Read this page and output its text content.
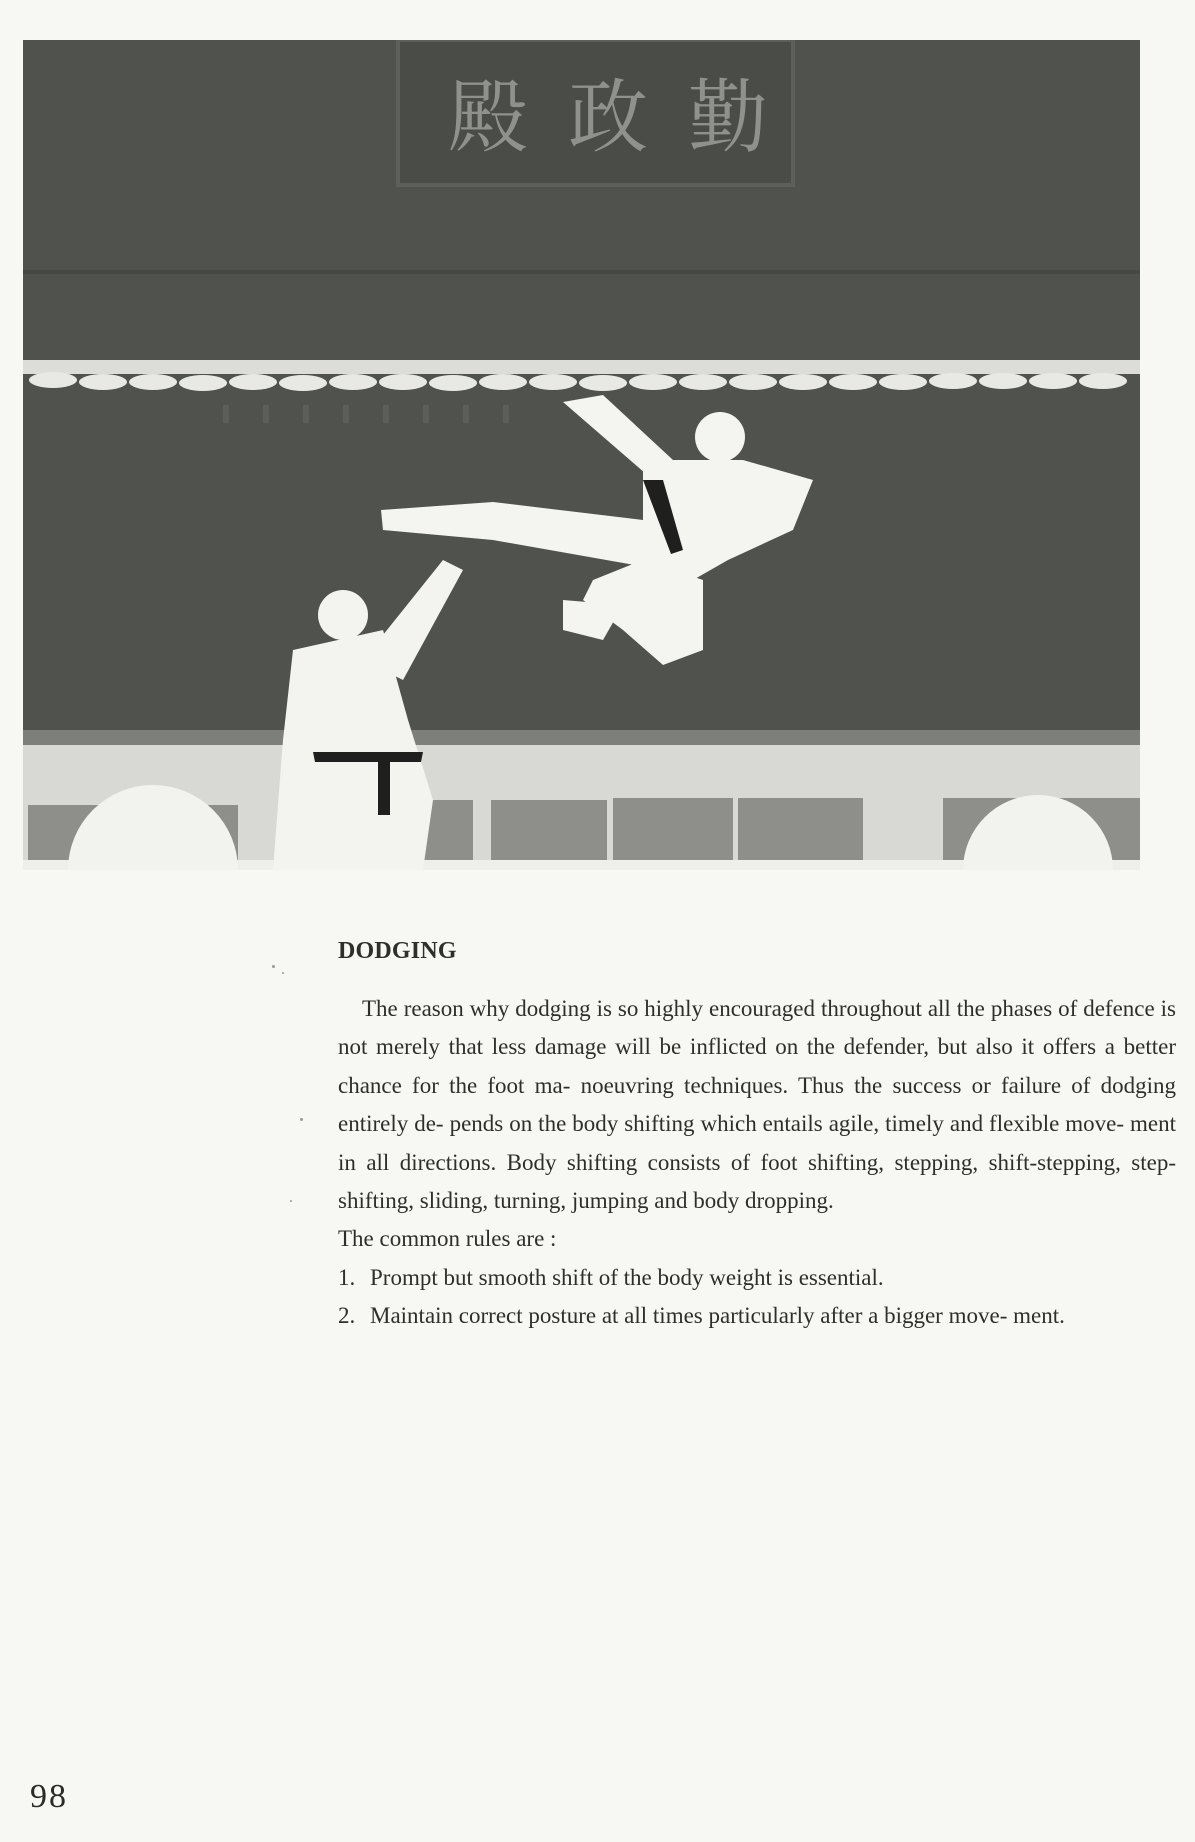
殿 政 勤
DODGING

The reason why dodging is so highly encouraged throughout all the phases of defence is not merely that less damage will be inflicted on the defender, but also it offers a better chance for the foot ma- noeuvring techniques. Thus the success or failure of dodging entirely de- pends on the body shifting which entails agile, timely and flexible move- ment in all directions. Body shifting consists of foot shifting, stepping, shift-stepping, step-shifting, sliding, turning, jumping and body dropping.

The common rules are :

1. Prompt but smooth shift of the body weight is essential.
2. Maintain correct posture at all times particularly after a bigger move- ment.
98
